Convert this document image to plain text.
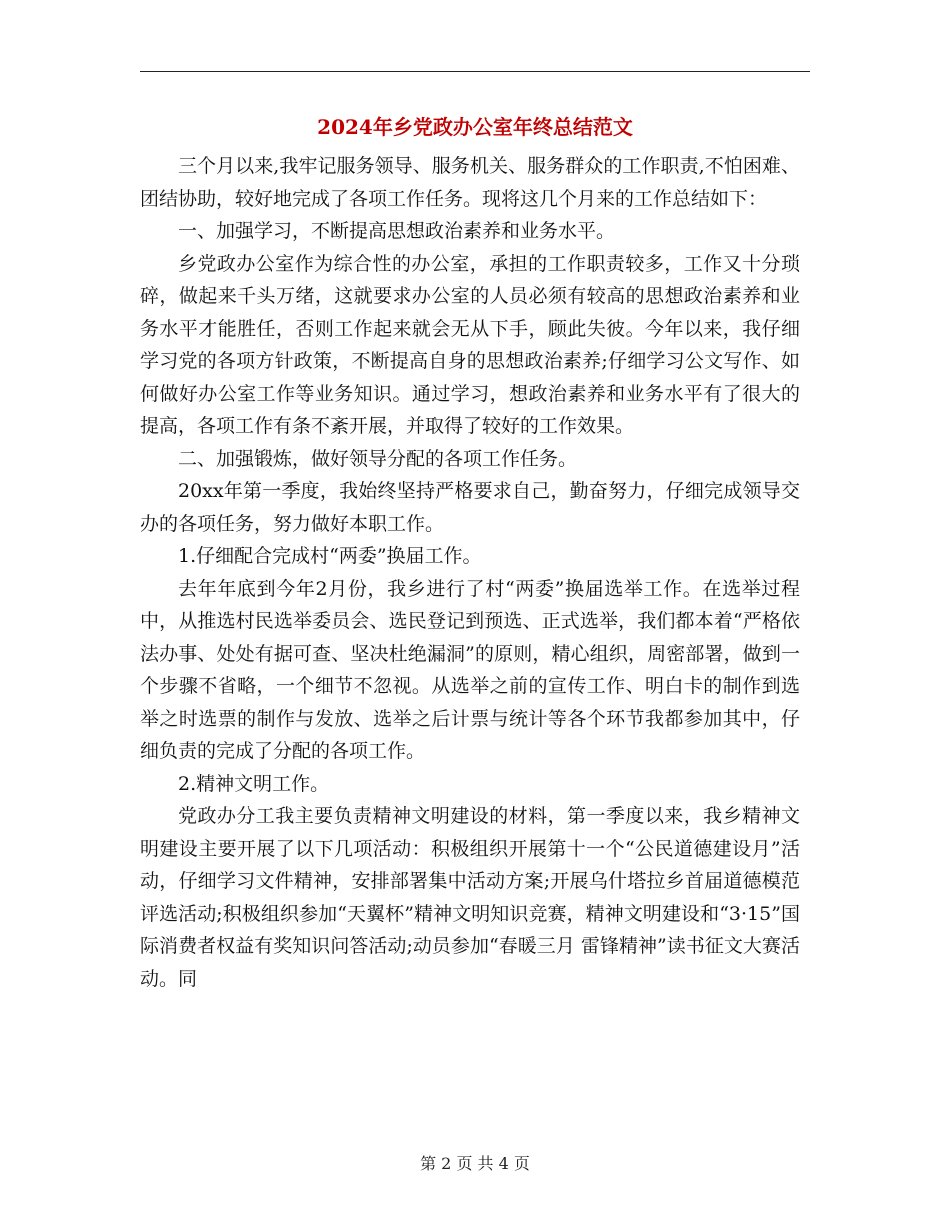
2024年乡党政办公室年终总结范文

三个月以来,我牢记服务领导、服务机关、服务群众的工作职责,不怕困难、团结协助，较好地完成了各项工作任务。现将这几个月来的工作总结如下：

一、加强学习，不断提高思想政治素养和业务水平。

乡党政办公室作为综合性的办公室，承担的工作职责较多，工作又十分琐碎，做起来千头万绪，这就要求办公室的人员必须有较高的思想政治素养和业务水平才能胜任，否则工作起来就会无从下手，顾此失彼。今年以来，我仔细学习党的各项方针政策，不断提高自身的思想政治素养;仔细学习公文写作、如何做好办公室工作等业务知识。通过学习，想政治素养和业务水平有了很大的提高，各项工作有条不紊开展，并取得了较好的工作效果。

二、加强锻炼，做好领导分配的各项工作任务。

20xx年第一季度，我始终坚持严格要求自己，勤奋努力，仔细完成领导交办的各项任务，努力做好本职工作。

1.仔细配合完成村“两委”换届工作。

去年年底到今年2月份，我乡进行了村“两委”换届选举工作。在选举过程中，从推选村民选举委员会、选民登记到预选、正式选举，我们都本着“严格依法办事、处处有据可查、坚决杜绝漏洞”的原则，精心组织，周密部署，做到一个步骤不省略，一个细节不忽视。从选举之前的宣传工作、明白卡的制作到选举之时选票的制作与发放、选举之后计票与统计等各个环节我都参加其中，仔细负责的完成了分配的各项工作。

2.精神文明工作。

党政办分工我主要负责精神文明建设的材料，第一季度以来，我乡精神文明建设主要开展了以下几项活动：积极组织开展第十一个“公民道德建设月”活动，仔细学习文件精神，安排部署集中活动方案;开展乌什塔拉乡首届道德模范评选活动;积极组织参加“天翼杯”精神文明知识竞赛，精神文明建设和“3·15”国际消费者权益有奖知识问答活动;动员参加“春暖三月 雷锋精神”读书征文大赛活动。同

第 2 页 共 4 页
